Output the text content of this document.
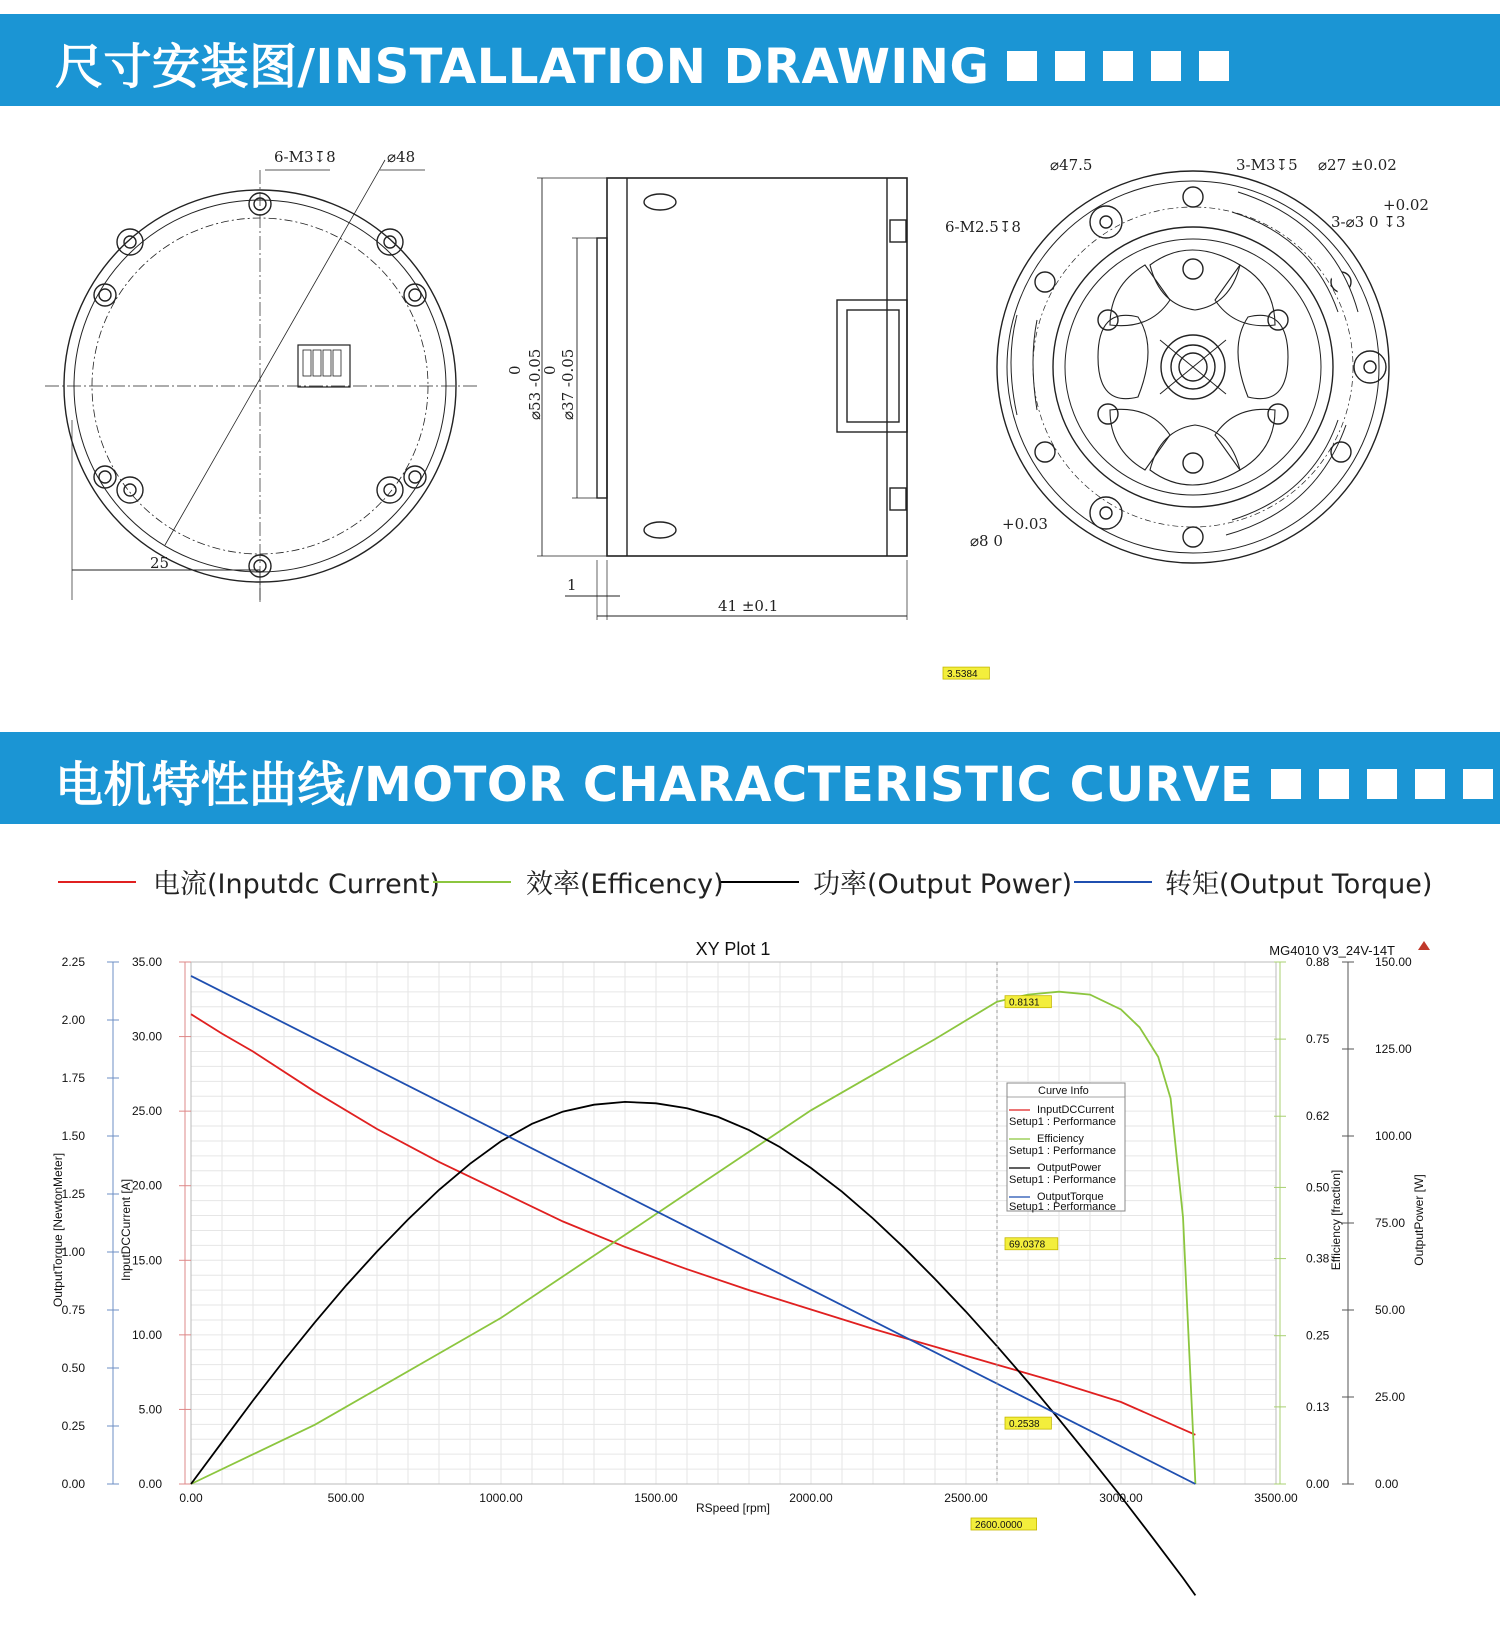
尺寸安装图/INSTALLATION DRAWING
6-M3↧8	⌀48
25
0 ⌀53 -0.05
0 ⌀37 -0.05
1
41 ±0.1
⌀47.5	3-M3↧5 ⌀27 ±0.02
+0.02
3-⌀3 0 ↧3
6-M2.5↧8
+0.03
⌀8 0
电机特性曲线/MOTOR CHARACTERISTIC CURVE
电流(Inputdc Current)	效率(Efficency)	功率(Output Power)	转矩(Output Torque)
0.00
0.25
0.50
0.75
1.00
1.25
1.50
1.75
2.00
2.25
0.00
5.00
10.00
15.00
20.00
25.00
30.00
35.00
0.00
0.13
0.25
0.38
0.50
0.62
0.75
0.88
0.00
25.00
50.00
75.00
100.00
125.00
150.00
0.00	500.00	1000.00	1500.00	2000.00	2500.00	3000.00	3500.00
OutputTorque [NewtonMeter]	InputDCCurrent [A]	Efficiency [fraction]	OutputPower [W]
0.8131
69.0378
0.2538
3.5384
2600.0000
XY Plot 1	MG4010 V3_24V-14T
RSpeed [rpm]
Curve Info
InputDCCurrent
Setup1 : Performance
Efficiency
Setup1 : Performance
OutputPower
Setup1 : Performance
OutputTorque
Setup1 : Performance
